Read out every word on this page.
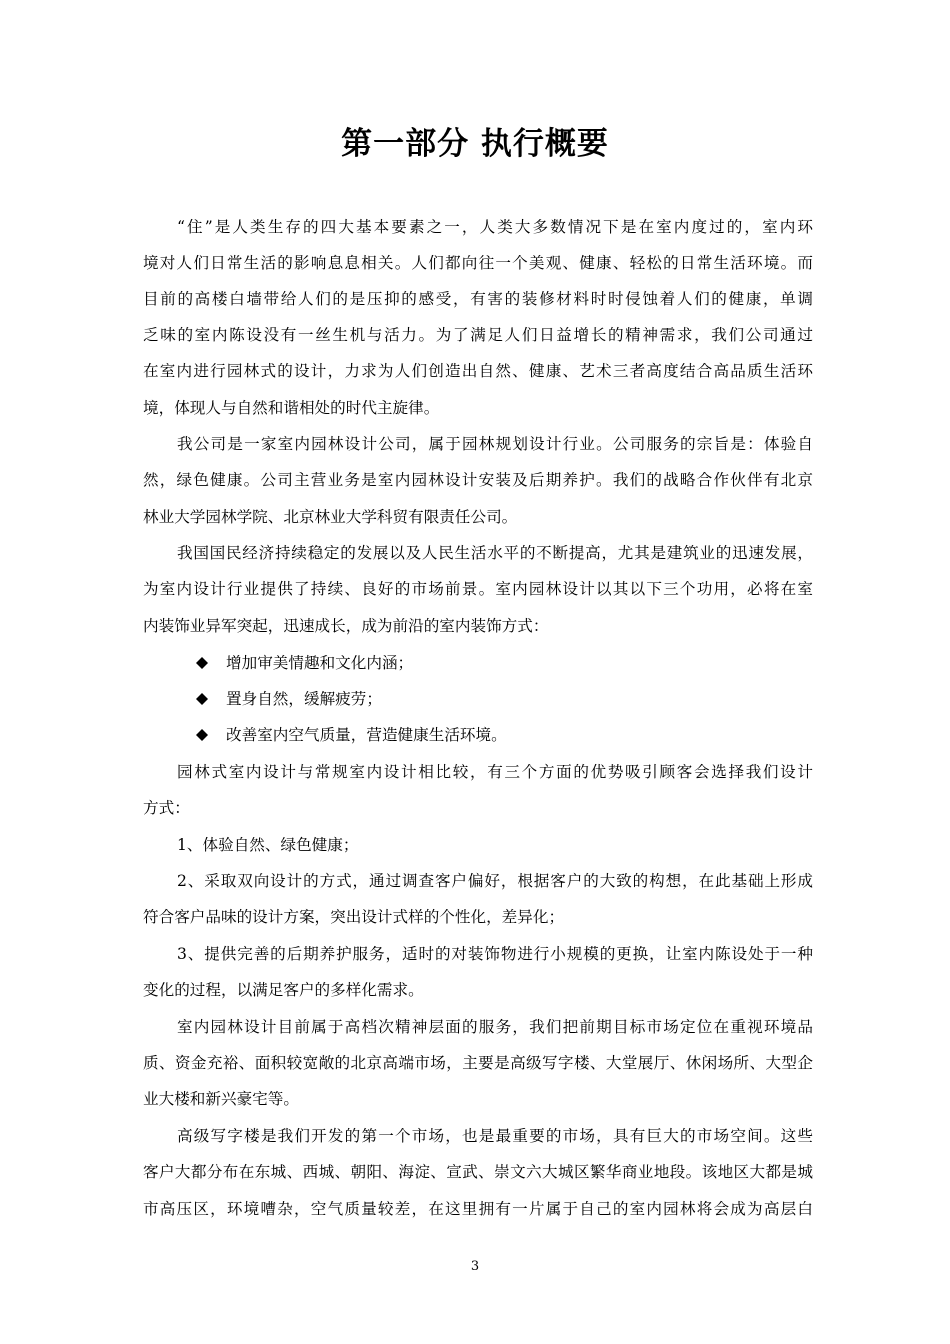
第一部分 执行概要
“住”是人类生存的四大基本要素之一，人类大多数情况下是在室内度过的，室内环
境对人们日常生活的影响息息相关。人们都向往一个美观、健康、轻松的日常生活环境。而
目前的高楼白墙带给人们的是压抑的感受，有害的装修材料时时侵蚀着人们的健康，单调
乏味的室内陈设没有一丝生机与活力。为了满足人们日益增长的精神需求，我们公司通过
在室内进行园林式的设计，力求为人们创造出自然、健康、艺术三者高度结合高品质生活环
境，体现人与自然和谐相处的时代主旋律。
我公司是一家室内园林设计公司，属于园林规划设计行业。公司服务的宗旨是：体验自
然，绿色健康。公司主营业务是室内园林设计安装及后期养护。我们的战略合作伙伴有北京
林业大学园林学院、北京林业大学科贸有限责任公司。
我国国民经济持续稳定的发展以及人民生活水平的不断提高，尤其是建筑业的迅速发展，
为室内设计行业提供了持续、良好的市场前景。室内园林设计以其以下三个功用，必将在室
内装饰业异军突起，迅速成长，成为前沿的室内装饰方式：
增加审美情趣和文化内涵；
置身自然，缓解疲劳；
改善室内空气质量，营造健康生活环境。
园林式室内设计与常规室内设计相比较，有三个方面的优势吸引顾客会选择我们设计
方式：
1、体验自然、绿色健康；
2、采取双向设计的方式，通过调查客户偏好，根据客户的大致的构想，在此基础上形成
符合客户品味的设计方案，突出设计式样的个性化，差异化；
3、提供完善的后期养护服务，适时的对装饰物进行小规模的更换，让室内陈设处于一种
变化的过程，以满足客户的多样化需求。
室内园林设计目前属于高档次精神层面的服务，我们把前期目标市场定位在重视环境品
质、资金充裕、面积较宽敞的北京高端市场，主要是高级写字楼、大堂展厅、休闲场所、大型企
业大楼和新兴豪宅等。
高级写字楼是我们开发的第一个市场，也是最重要的市场，具有巨大的市场空间。这些
客户大都分布在东城、西城、朝阳、海淀、宣武、崇文六大城区繁华商业地段。该地区大都是城
市高压区，环境嘈杂，空气质量较差，在这里拥有一片属于自己的室内园林将会成为高层白
3
